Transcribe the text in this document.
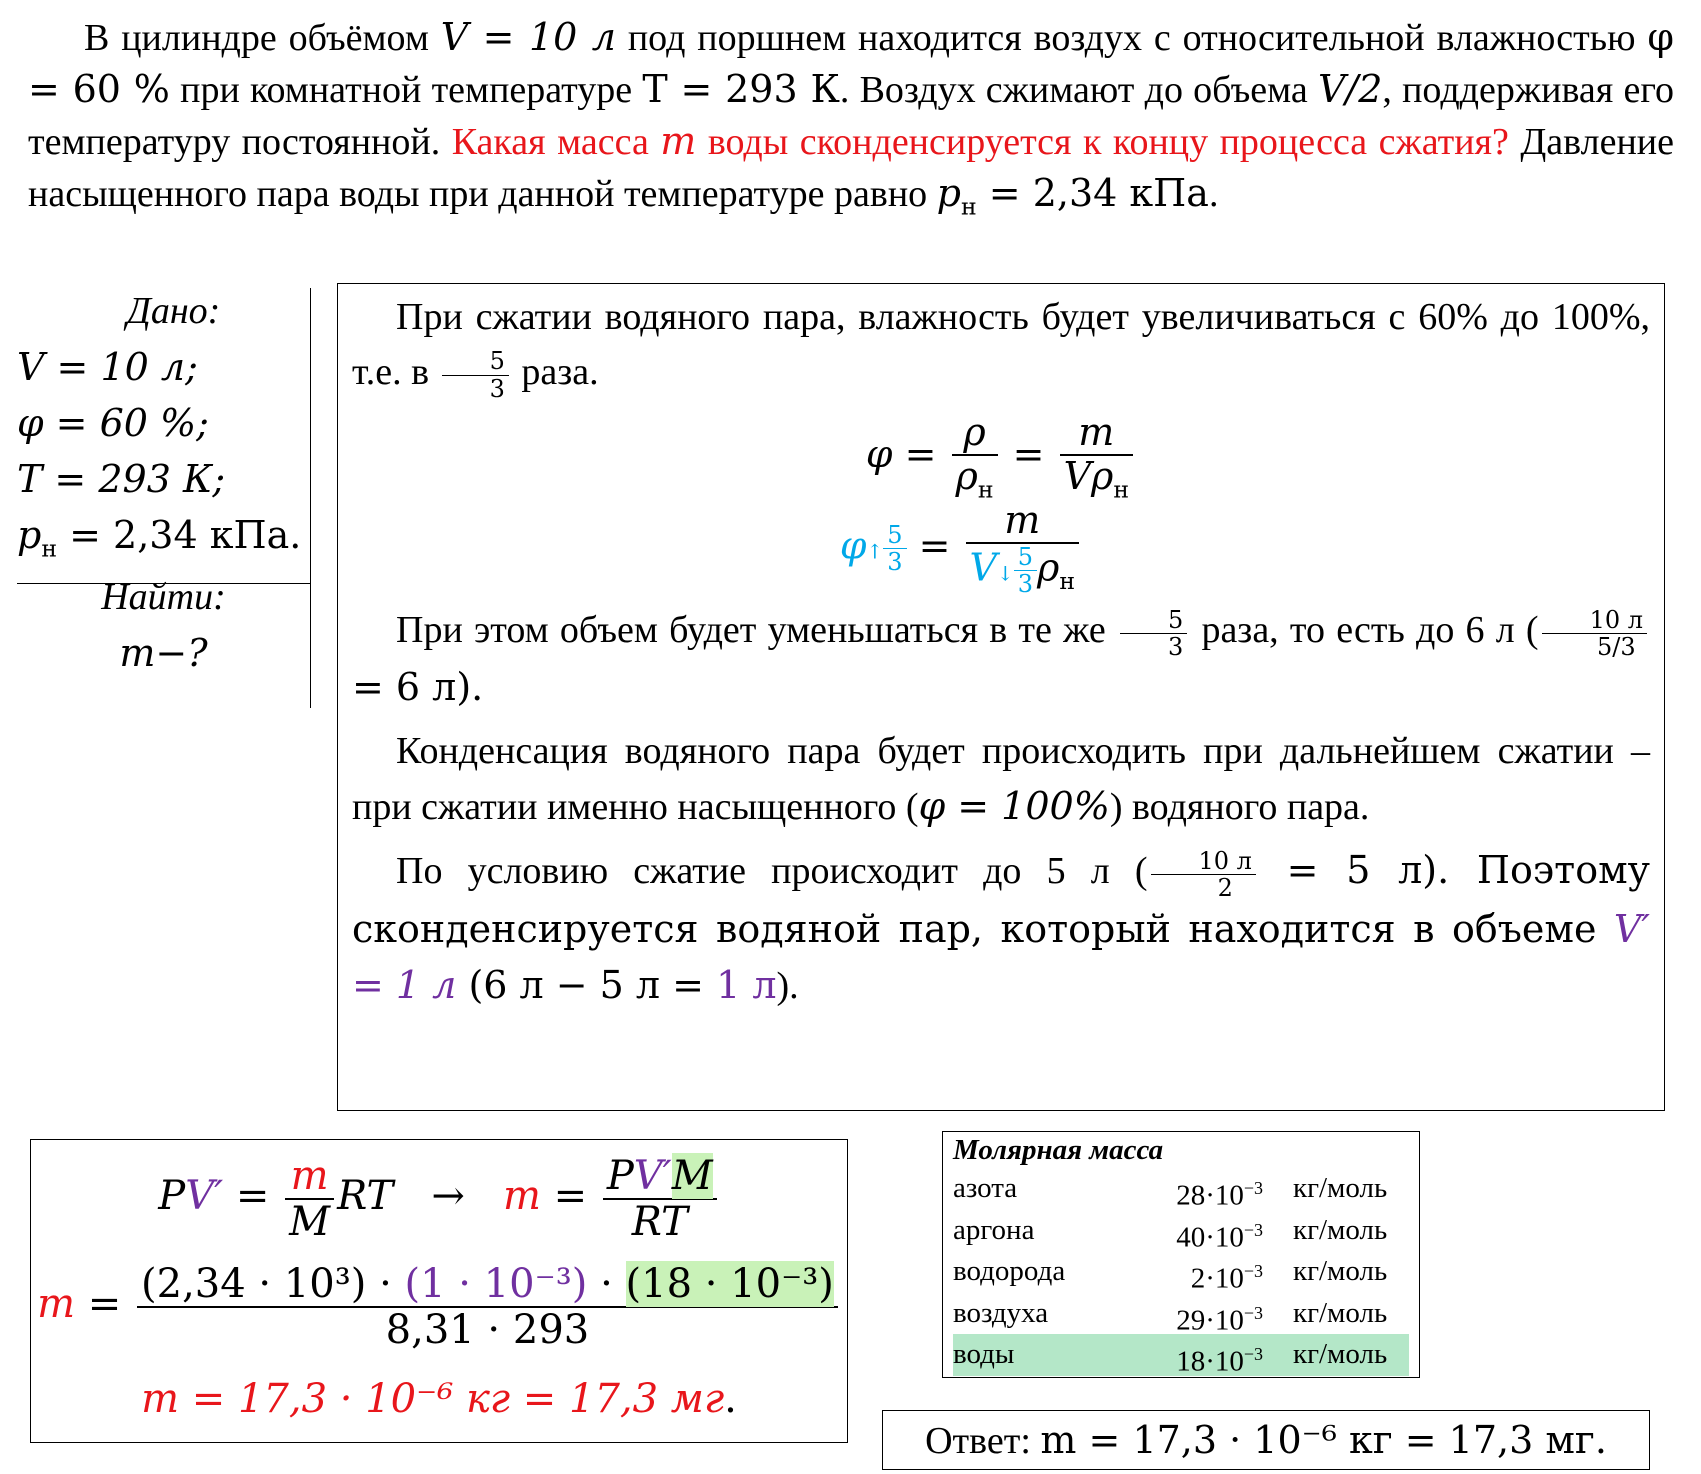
В цилиндре объёмом V = 10 л под поршнем находится воздух с относительной влажностью φ = 60 % при комнатной температуре T = 293 К. Воздух сжимают до объема V/2, поддерживая его температуру постоянной. Какая масса m воды сконденсируется к концу процесса сжатия? Давление насыщенного пара воды при данной температуре равно $p_н = 2,34$ кПа.
Дано:
V = 10 л;
φ = 60 %;
T = 293 К;
$p_н = 2,34$ кПа.
Найти:
m−?

При сжатии водяного пара, влажность будет увеличиваться с 60% до 100%, т.е. в $\frac{5}{3}$ раза.

$\varphi = \frac{\rho}{\rho_н} = \frac{m}{V\rho_н}$
φ↑ $\frac{5}{3} = \frac{m}{V↓ \frac{5}{3} \rho_н}$

При этом объем будет уменьшаться в те же $\frac{5}{3}$ раза, то есть до 6 л ( $\frac{10 л}{5/3}$
= 6 л).

Конденсация водяного пара будет происходить при дальнейшем сжатии – при сжатии именно насыщенного (φ = 100%) водяного пара.

По условию сжатие происходит до 5 л ( $\frac{10 л}{2} = 5$ л). Поэтому сконденсируется водяной пар, который находится в объеме V′ = 1 л (6 л − 5 л = 1 л).

$PV' = \frac{m}{M}$ RT   →   $m = \frac{PV'M}{RT}$
$m = \frac{\text{(2,34 · 10³) · (1 · 10⁻³) · (18 · 10⁻³)}}{8,31 \cdot 293}$
m = 17,3 · 10⁻⁶ кг = 17,3 мг.
Молярная масса
азота	$28\cdot 10^{-3}$	кг/моль
аргона	$40\cdot 10^{-3}$	кг/моль
водорода	$2\cdot 10^{-3}$	кг/моль
воздуха	$29\cdot 10^{-3}$	кг/моль
воды	$18\cdot 10^{-3}$	кг/моль
Ответ: m = 17,3 · 10⁻⁶ кг = 17,3 мг.
